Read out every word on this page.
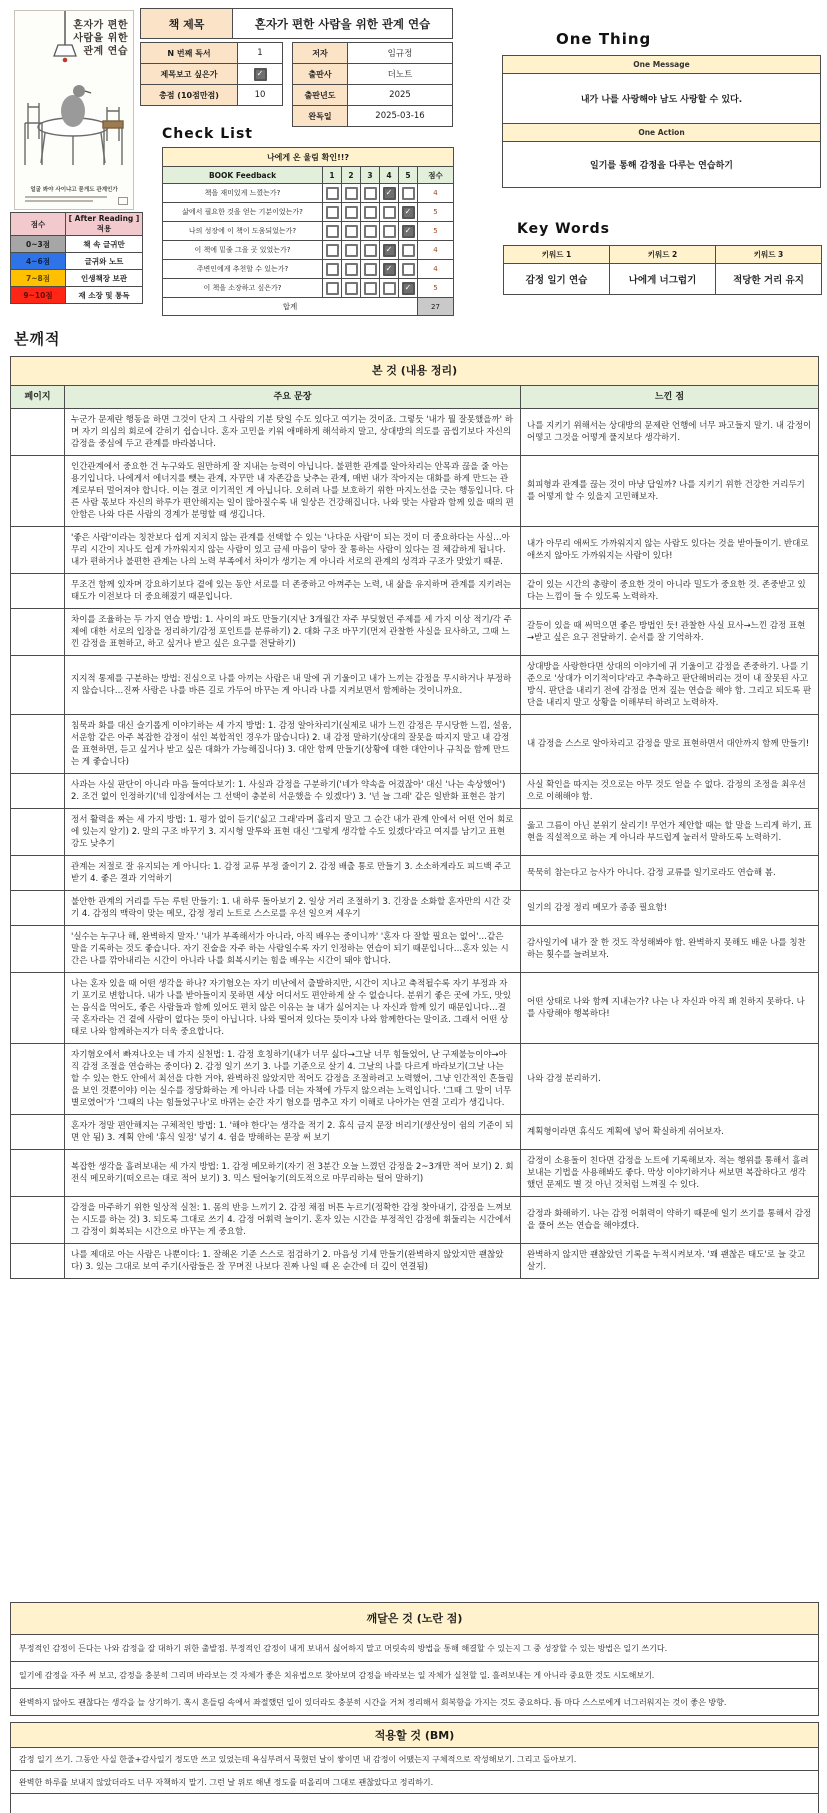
혼자가 편한
사람을 위한
관계 연습
얼굴 봐야 사이냐고 묻게도 관계인가
책 제목	혼자가 편한 사람을 위한 관계 연습
N 번째 독서	1
제목보고 싶은가	✓
총점 (10점만점)	10
저자	임규정
출판사	더노트
출판년도	2025
완독일	2025-03-16
One Thing
One Message
내가 나를 사랑해야 남도 사랑할 수 있다.
One Action
일기를 통해 감정을 다루는 연습하기
Check List
나에게 온 울림 확인!!?						
BOOK Feedback	1	2	3	4	5	점수
책을 재미있게 느꼈는가?				✓		4
삶에서 필요한 것을 얻는 기분이었는가?					✓	5
나의 성장에 이 책이 도움되었는가?					✓	5
이 책에 밑줄 그을 곳 있었는가?				✓		4
주변인에게 추천할 수 있는가?				✓		4
이 책을 소장하고 싶은가?					✓	5
합계						27
점수	[ After Reading ] 적용
0~3점	책 속 글귀만
4~6점	글귀와 노트
7~8점	인생책장 보관
9~10점	재 소장 및 통독
Key Words
키워드 1	키워드 2	키워드 3
감정 일기 연습	나에게 너그럽기	적당한 거리 유지
본깨적
본 것 (내용 정리)		
페이지	주요 문장	느낀 점
	누군가 문제란 행동을 하면 그것이 단지 그 사람의 기분 탓일 수도 있다고 여기는 것이죠. 그렇듯 '내가 뭘 잘못했을까' 하며 자기 의심의 회로에 갇히기 쉽습니다. 혼자 고민을 키워 애매하게 해석하지 말고, 상대방의 의도를 곱씹기보다 자신의 감정을 중심에 두고 관계를 바라봅니다.	나를 지키기 위해서는 상대방의 문제란 언행에 너무 파고들지 말기. 내 감정이 어떻고 그것을 어떻게 풀지보다 생각하기.
	인간관계에서 중요한 건 누구와도 원만하게 잘 지내는 능력이 아닙니다. 불편한 관계를 알아차리는 안목과 끊을 줄 아는 용기입니다. 나에게서 에너지를 뺏는 관계, 자꾸만 내 자존감을 낮추는 관계, 매번 내가 작아지는 대화를 하게 만드는 관계로부터 멀어져야 합니다. 이는 결코 이기적인 게 아닙니다. 오히려 나를 보호하기 위한 마지노선을 긋는 행동입니다. 다른 사람 몫보다 자신의 하루가 편안해지는 일이 많아질수록 내 일상은 건강해집니다. 나와 맞는 사람과 함께 있을 때의 편안함은 나와 다른 사람의 경계가 분명할 때 생깁니다.	회피형과 관계를 끊는 것이 마냥 답일까? 나를 지키기 위한 건강한 거리두기를 어떻게 할 수 있을지 고민해보자.
	'좋은 사람'이라는 칭찬보다 쉽게 지치지 않는 관계를 선택할 수 있는 '나다운 사람'이 되는 것이 더 중요하다는 사실…아무리 시간이 지나도 쉽게 가까워지지 않는 사람이 있고 금세 마음이 닿아 잘 통하는 사람이 있다는 걸 체감하게 됩니다. 내가 편하거나 불편한 관계는 나의 노력 부족에서 차이가 생기는 게 아니라 서로의 관계의 성격과 구조가 맞았기 때문.	내가 아무리 애써도 가까워지지 않는 사람도 있다는 것을 받아들이기. 반대로 애쓰지 않아도 가까워지는 사람이 있다!
	무조건 함께 있자며 강요하기보다 곁에 있는 동안 서로를 더 존중하고 아껴주는 노력, 내 삶을 유지하며 관계를 지키려는 태도가 이전보다 더 중요해졌기 때문입니다.	같이 있는 시간의 총량이 중요한 것이 아니라 밀도가 중요한 것. 존중받고 있다는 느낌이 들 수 있도록 노력하자.
	차이를 조율하는 두 가지 연습 방법: 1. 사이의 파도 만들기(지난 3개월간 자주 부딪혔던 주제를 세 가지 이상 적기/각 주제에 대한 서로의 입장을 정리하기/감정 포인트를 분류하기) 2. 대화 구조 바꾸기(먼저 관찰한 사실을 묘사하고, 그때 느낀 감정을 표현하고, 하고 싶거나 받고 싶은 요구를 전달하기)	갈등이 있을 때 써먹으면 좋은 방법인 듯! 관찰한 사실 묘사→느낀 감정 표현→받고 싶은 요구 전달하기. 순서를 잘 기억하자.
	지지적 통제를 구분하는 방법: 진심으로 나를 아끼는 사람은 내 말에 귀 기울이고 내가 느끼는 감정을 무시하거나 부정하지 않습니다…진짜 사랑은 나를 바른 길로 가두어 바꾸는 게 아니라 나를 지켜보면서 함께하는 것이니까요.	상대방을 사랑한다면 상대의 이야기에 귀 기울이고 감정을 존중하기. 나를 기준으로 '상대가 이기적이다'라고 추측하고 판단해버리는 것이 내 잘못된 사고방식. 판단을 내리기 전에 감정을 먼저 짚는 연습을 해야 함. 그리고 되도록 판단을 내리지 말고 상황을 이해부터 하려고 노력하자.
	침묵과 화를 대신 슬기롭게 이야기하는 세 가지 방법: 1. 감정 알아차리기(실제로 내가 느낀 감정은 무시당한 느낌, 설움, 서운함 같은 아주 복잡한 감정이 섞인 복합적인 경우가 많습니다) 2. 내 감정 말하기(상대의 잘못을 따지지 말고 내 감정을 표현하면, 듣고 싶거나 받고 싶은 대화가 가능해집니다) 3. 대안 함께 만들기(상황에 대한 대안이나 규칙을 함께 만드는 게 좋습니다)	내 감정을 스스로 알아차리고 감정을 말로 표현하면서 대안까지 함께 만들기!
	사과는 사실 판단이 아니라 마음 들여다보기: 1. 사실과 감정을 구분하기('네가 약속을 어겼잖아' 대신 '나는 속상했어') 2. 조건 없이 인정하기('네 입장에서는 그 선택이 충분히 서운했을 수 있겠다') 3. '넌 늘 그래' 같은 일반화 표현은 참기	사실 확인을 따지는 것으로는 아무 것도 얻을 수 없다. 감정의 조정을 최우선으로 이해해야 함.
	정서 활력을 짜는 세 가지 방법: 1. 평가 없이 듣기('싫고 그래'라며 흘리지 말고 그 순간 내가 관계 안에서 어떤 언어 회로에 있는지 알기) 2. 말의 구조 바꾸기 3. 지시형 말투와 표현 대신 '그렇게 생각할 수도 있겠다'라고 여지를 남기고 표현 강도 낮추기	옳고 그름이 아닌 분위기 살리기! 무언가 제안할 때는 할 말을 느리게 하기, 표현을 직설적으로 하는 게 아니라 부드럽게 눌러서 말하도록 노력하기.
	관계는 저절로 잘 유지되는 게 아니다: 1. 감정 교류 부정 줄이기 2. 감정 배출 통로 만들기 3. 소소하게라도 피드백 주고받기 4. 좋은 결과 기억하기	묵묵히 참는다고 능사가 아니다. 감정 교류를 일기로라도 연습해 봄.
	불안한 관계의 거리를 두는 루틴 만들기: 1. 내 하루 돌아보기 2. 일상 거리 조절하기 3. 긴장을 소화할 혼자만의 시간 갖기 4. 감정의 맥락이 맞는 메모, 감정 정리 노트로 스스로를 우선 일으켜 세우기	일기의 감정 정리 메모가 종종 필요함!
	'실수는 누구나 해, 완벽하지 말자.' '내가 부족해서가 아니라, 아직 배우는 중이니까' '혼자 다 잘할 필요는 없어'…같은 말을 기록하는 것도 좋습니다. 자기 진술을 자주 하는 사람일수록 자기 인정하는 연습이 되기 때문입니다…혼자 있는 시간은 나를 깎아내리는 시간이 아니라 나를 회복시키는 힘을 배우는 시간이 돼야 합니다.	감사일기에 내가 잘 한 것도 작성해봐야 함. 완벽하지 못해도 배운 나를 칭찬하는 횟수를 늘려보자.
	나는 혼자 있을 때 어떤 생각을 하나? 자기혐오는 자기 비난에서 출발하지만, 시간이 지나고 축적될수록 자기 부정과 자기 포기로 변합니다. 내가 나를 받아들이지 못하면 세상 어디서도 편안하게 살 수 없습니다. 분위기 좋은 곳에 가도, 맛있는 음식을 먹어도, 좋은 사람들과 함께 있어도 편치 않은 이유는 늘 내가 싫어지는 나 자신과 함께 있기 때문입니다…결국 혼자라는 건 곁에 사람이 없다는 뜻이 아닙니다. 나와 떨어져 있다는 뜻이자 나와 함께한다는 말이죠. 그래서 어떤 상태로 나와 함께하는지가 더욱 중요합니다.	어떤 상태로 나와 함께 지내는가? 나는 나 자신과 아직 꽤 친하지 못하다. 나를 사랑해야 행복하다!
	자기혐오에서 빠져나오는 네 가지 실천법: 1. 감정 호칭하기(내가 너무 싫다→그날 너무 힘들었어, 난 구제불능이야→아직 감정 조절을 연습하는 중이다) 2. 감정 일기 쓰기 3. 나를 기준으로 살기 4. 그날의 나를 다르게 바라보기(그날 나는 할 수 있는 한도 안에서 최선을 다한 거야, 완벽하진 않았지만 적어도 감정을 조절하려고 노력했어, 그냥 인간적인 흔들림을 보인 것뿐이야) 이는 실수를 정당화하는 게 아니라 나를 더는 자책에 가두지 않으려는 노력입니다. '그때 그 말이 너무 별로였어'가 '그때의 나는 힘들었구나'로 바뀌는 순간 자기 혐오를 멈추고 자기 이해로 나아가는 연결 고리가 생깁니다.	나와 감정 분리하기.
	혼자가 정말 편안해지는 구체적인 방법: 1. '해야 한다'는 생각을 적기 2. 휴식 금지 문장 버리기(생산성이 쉼의 기준이 되면 안 됨) 3. 계획 안에 '휴식 일정' 넣기 4. 쉼을 방해하는 문장 써 보기	계획형이라면 휴식도 계획에 넣어 확실하게 쉬어보자.
	복잡한 생각을 흘려보내는 세 가지 방법: 1. 감정 메모하기(자기 전 3분간 오늘 느꼈던 감정을 2~3개만 적어 보기) 2. 회전식 메모하기(떠오르는 대로 적어 보기) 3. 믹스 털어놓기(의도적으로 마무리하는 털어 말하기)	감정이 소용돌이 친다면 감정을 노트에 기록해보자. 적는 행위를 통해서 흘려보내는 기법을 사용해봐도 좋다. 막상 이야기하거나 써보면 복잡하다고 생각했던 문제도 별 것 아닌 것처럼 느껴질 수 있다.
	감정을 마주하기 위한 일상적 실천: 1. 몸의 반응 느끼기 2. 감정 채점 버튼 누르기(정확한 감정 찾아내기, 감정을 느껴보는 시도를 하는 것) 3. 되도록 그대로 쓰기 4. 감정 어휘력 늘이기. 혼자 있는 시간을 부정적인 감정에 휘둘리는 시간에서 그 감정이 회복되는 시간으로 바꾸는 게 중요함.	감정과 화해하기. 나는 감정 어휘력이 약하기 때문에 일기 쓰기를 통해서 감정을 풀어 쓰는 연습을 해야겠다.
	나를 제대로 아는 사람은 나뿐이다: 1. 잘해온 기준 스스로 점검하기 2. 마음성 기세 만들기(완벽하지 않았지만 괜찮았다) 3. 있는 그대로 보여 주기(사람들은 잘 꾸며진 나보다 진짜 나일 때 온 순간에 더 깊이 연결됨)	완벽하지 않지만 괜찮았던 기록을 누적시켜보자. '꽤 괜찮은 태도'로 늘 갖고 살기.
깨달은 것 (노란 점)
부정적인 감정이 든다는 나와 감정을 잘 대하기 위한 출발점. 부정적인 감정이 내게 보내서 싫어하지 말고 머릿속의 방법을 통해 해결할 수 있는지 그 중 성장할 수 있는 방법은 일기 쓰기다.
일기에 감정을 자주 써 보고, 감정을 충분히 그리며 바라보는 것 자체가 좋은 치유법으로 찾아보며 감정을 바라보는 일 자체가 실천할 일. 흘려보내는 게 아니라 중요한 것도 시도해보기.
완벽하지 않아도 괜찮다는 생각을 늘 상기하기. 혹시 흔들림 속에서 좌절했던 일이 있더라도 충분히 시간을 거쳐 정리해서 회복함을 가지는 것도 중요하다. 틈 마다 스스로에게 너그러워지는 것이 좋은 방향.
적용할 것 (BM)
감정 일기 쓰기. 그동안 사실 한줄+감사일기 정도만 쓰고 있었는데 욕심부려서 묵혔던 날이 쌓이면 내 감정이 어땠는지 구체적으로 작성해보기. 그리고 돌아보기.
완벽한 하루를 보내지 않았더라도 너무 자책하지 말기. 그런 날 위로 해낸 정도를 떠올리며 그대로 괜찮았다고 정리하기.
